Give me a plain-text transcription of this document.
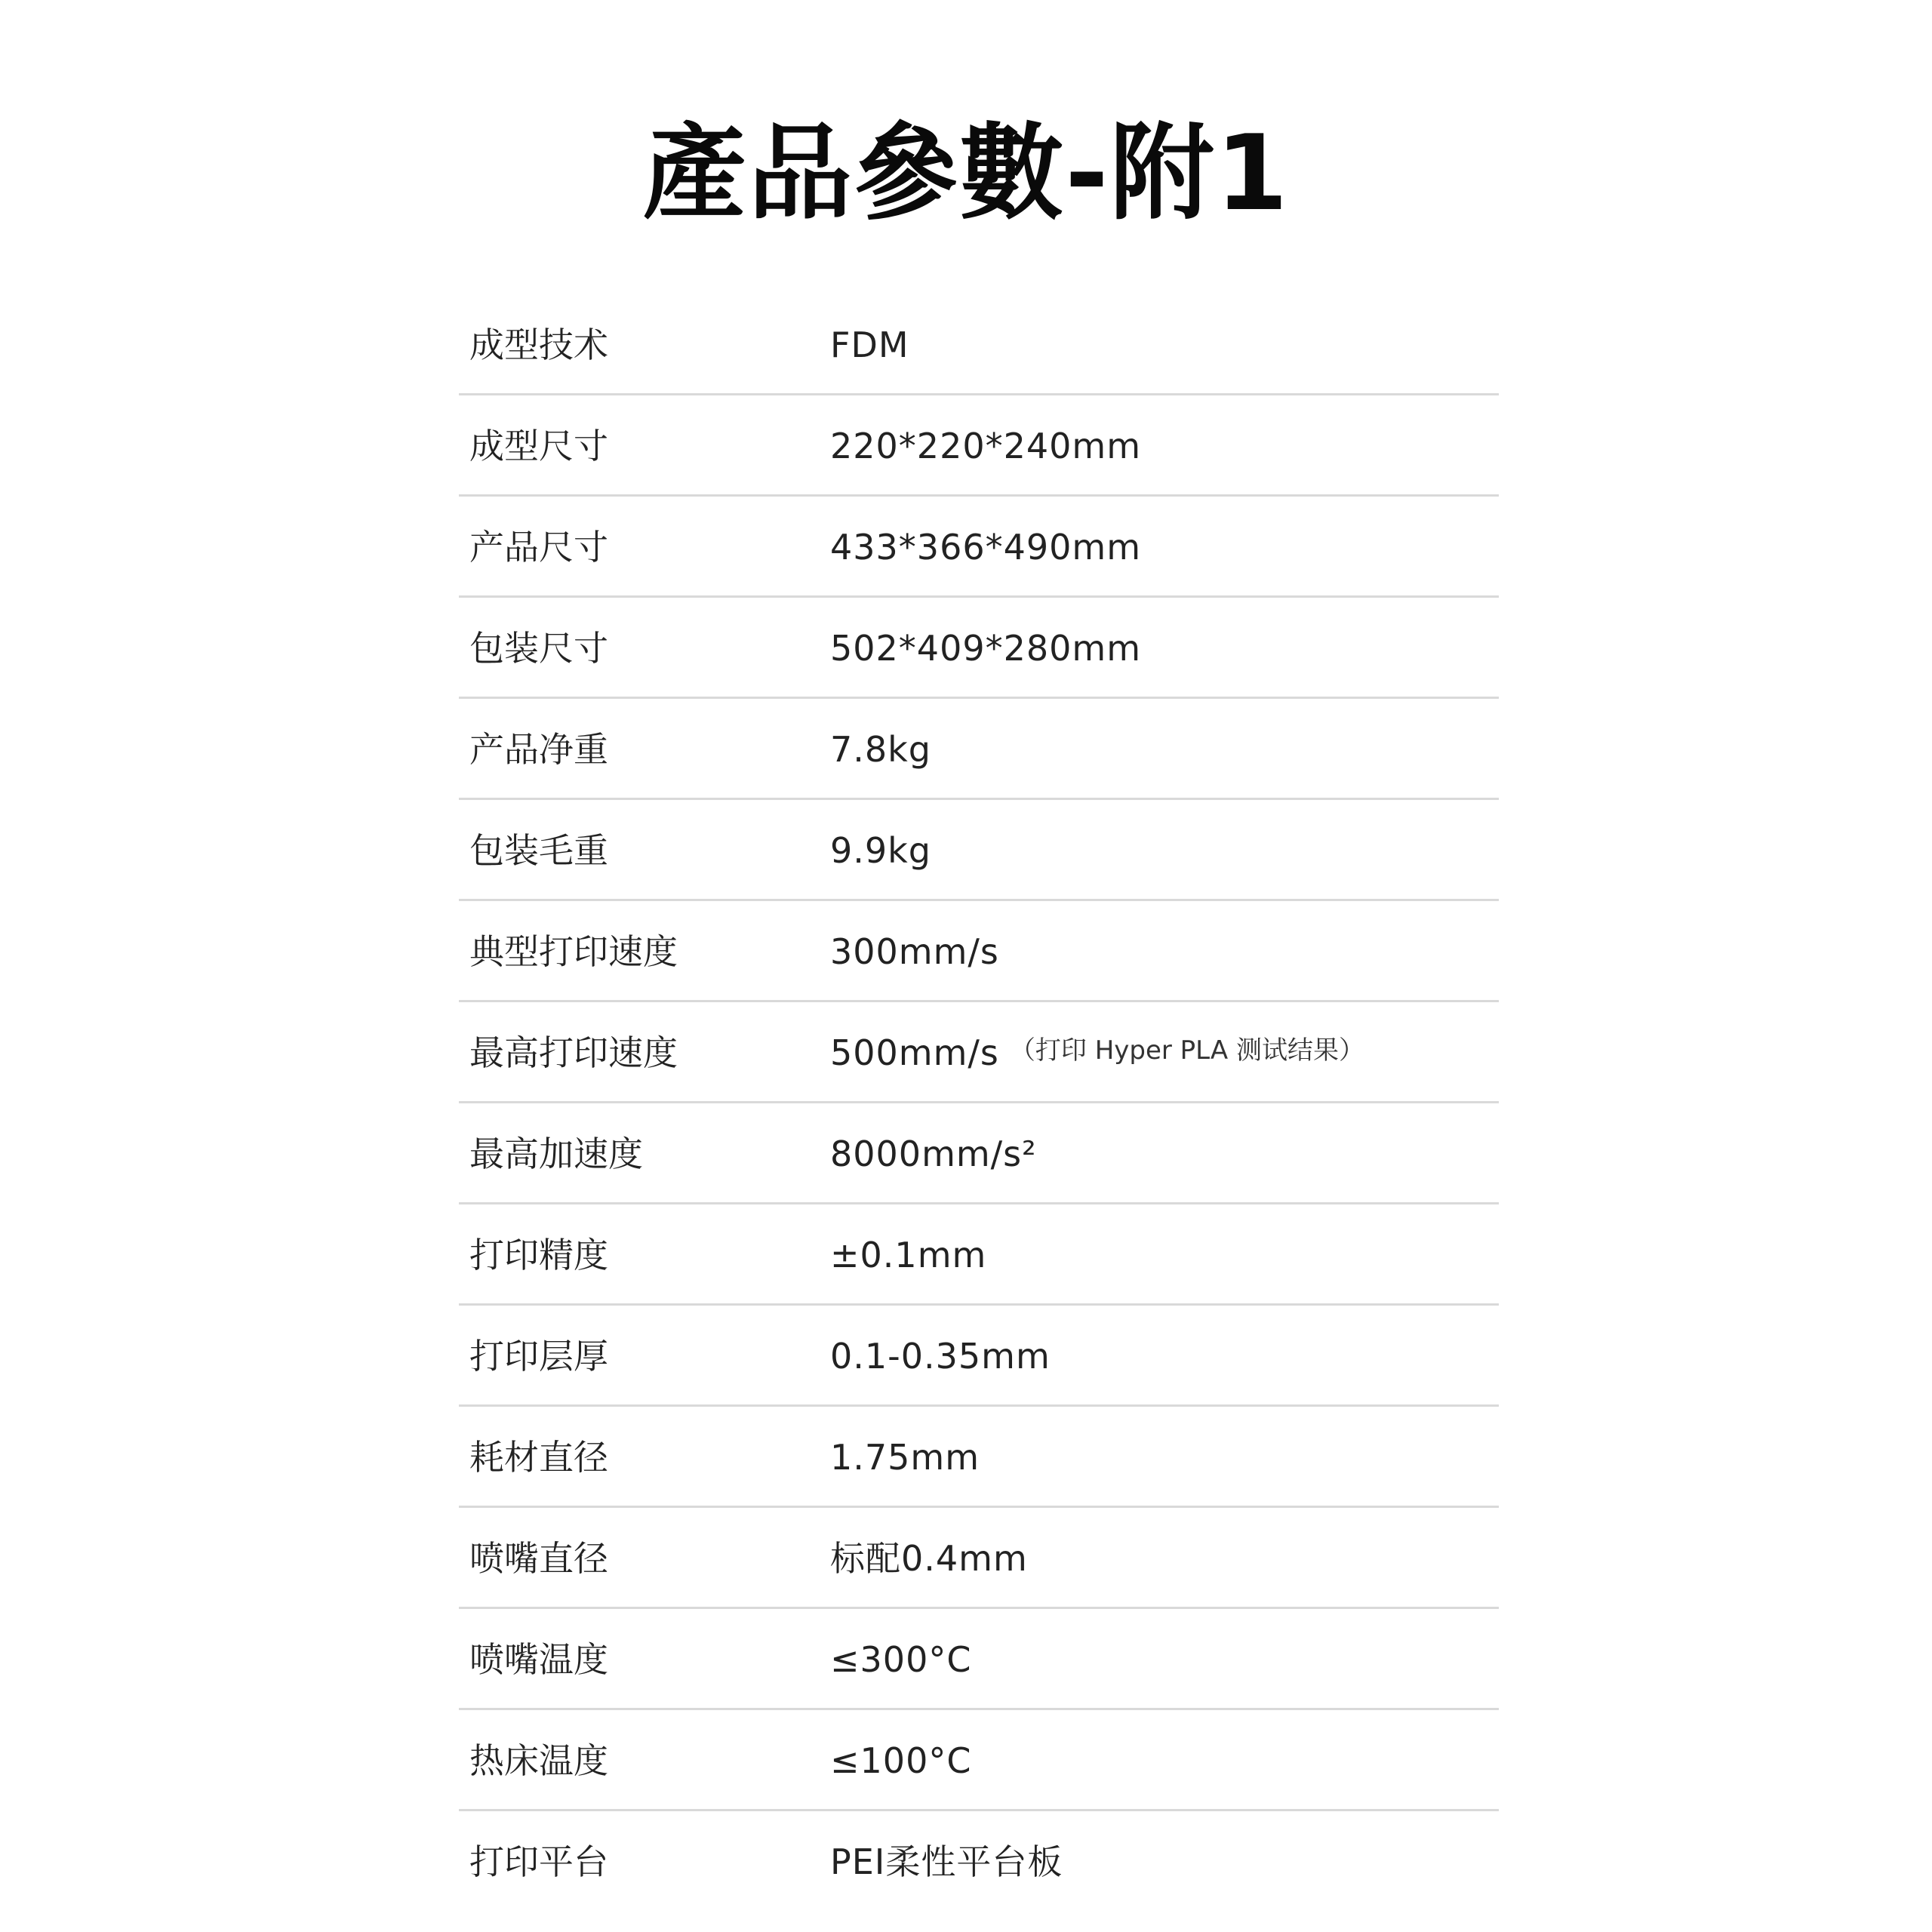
產品參數-附1
成型技术	FDM
成型尺寸	220*220*240mm
产品尺寸	433*366*490mm
包装尺寸	502*409*280mm
产品净重	7.8kg
包装毛重	9.9kg
典型打印速度	300mm/s
最高打印速度	500mm/s （打印 Hyper PLA 测试结果）
最高加速度	8000mm/s²
打印精度	±0.1mm
打印层厚	0.1-0.35mm
耗材直径	1.75mm
喷嘴直径	标配0.4mm
喷嘴温度	≤300°C
热床温度	≤100°C
打印平台	PEI柔性平台板
